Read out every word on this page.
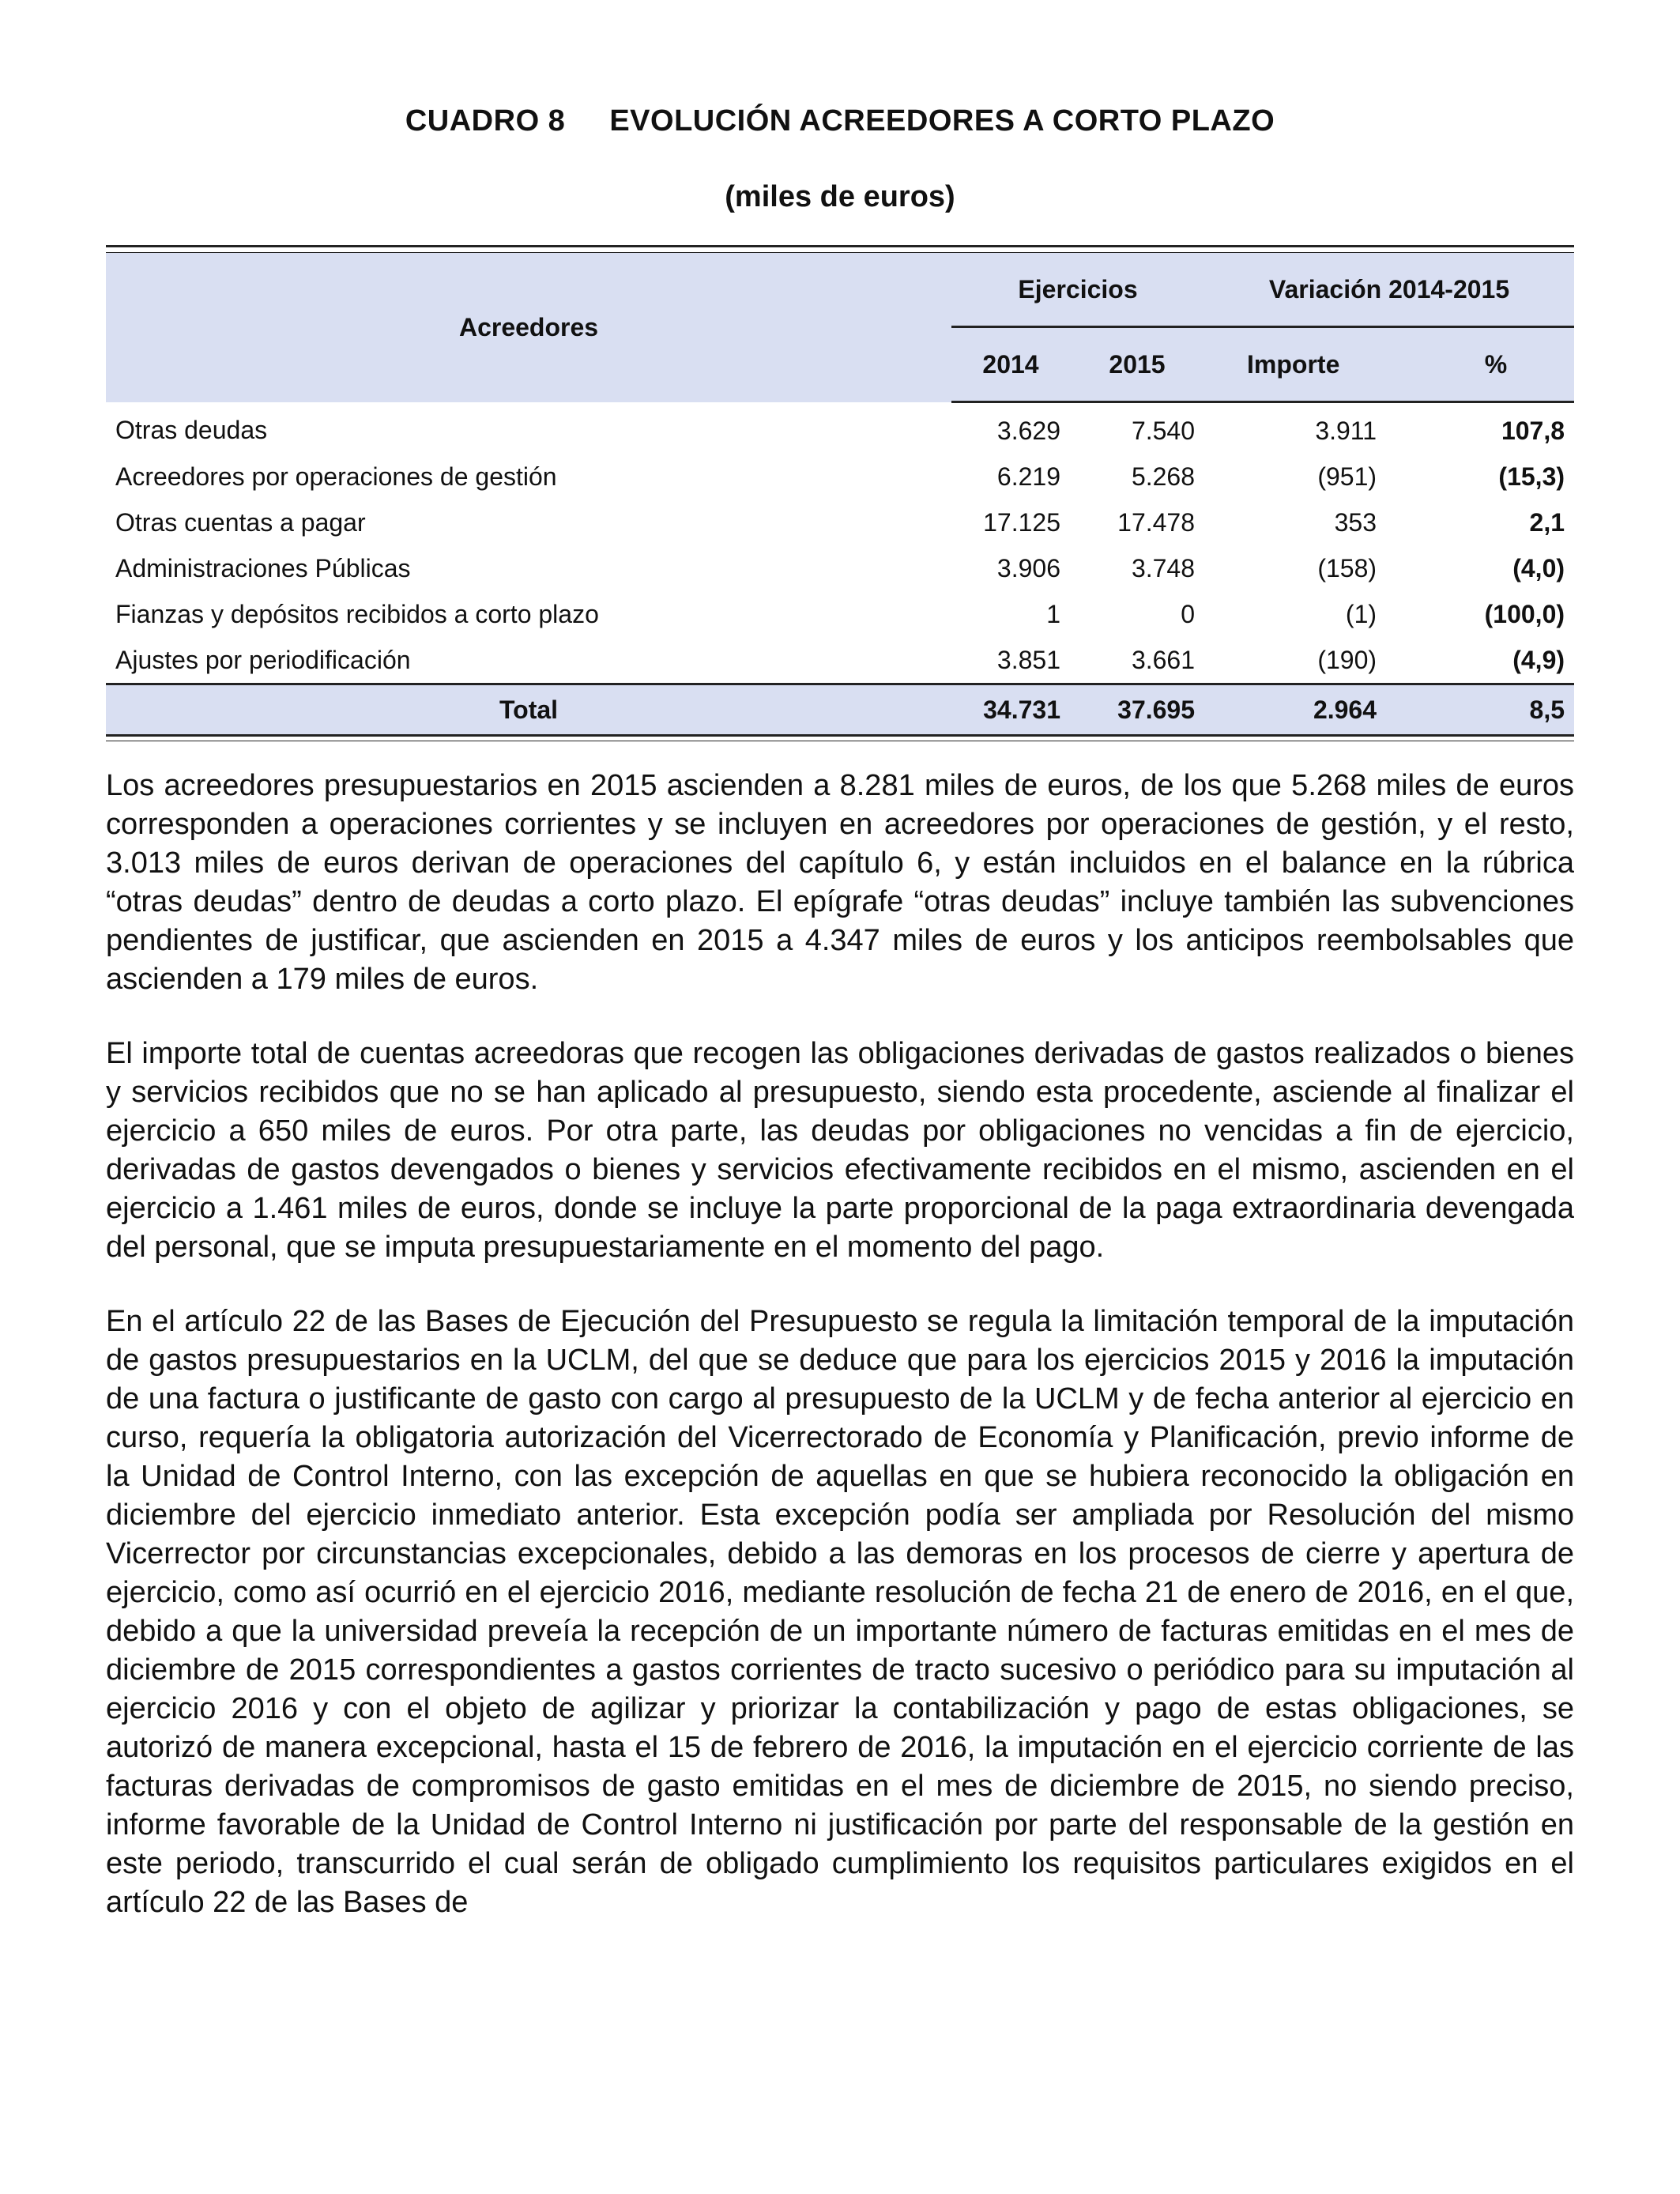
CUADRO 8 EVOLUCIÓN ACREEDORES A CORTO PLAZO
(miles de euros)
Acreedores	Ejercicios		Variación 2014-2015	
	2014	2015	Importe	%
Otras deudas	3.629	7.540	3.911	107,8
Acreedores por operaciones de gestión	6.219	5.268	(951)	(15,3)
Otras cuentas a pagar	17.125	17.478	353	2,1
Administraciones Públicas	3.906	3.748	(158)	(4,0)
Fianzas y depósitos recibidos a corto plazo	1	0	(1)	(100,0)
Ajustes por periodificación	3.851	3.661	(190)	(4,9)
Total	34.731	37.695	2.964	8,5

Los acreedores presupuestarios en 2015 ascienden a 8.281 miles de euros, de los que 5.268 miles de euros corresponden a operaciones corrientes y se incluyen en acreedores por operaciones de gestión, y el resto, 3.013 miles de euros derivan de operaciones del capítulo 6, y están incluidos en el balance en la rúbrica “otras deudas” dentro de deudas a corto plazo. El epígrafe “otras deudas” incluye también las subvenciones pendientes de justificar, que ascienden en 2015 a 4.347 miles de euros y los anticipos reembolsables que ascienden a 179 miles de euros.

El importe total de cuentas acreedoras que recogen las obligaciones derivadas de gastos realizados o bienes y servicios recibidos que no se han aplicado al presupuesto, siendo esta procedente, asciende al finalizar el ejercicio a 650 miles de euros. Por otra parte, las deudas por obligaciones no vencidas a fin de ejercicio, derivadas de gastos devengados o bienes y servicios efectivamente recibidos en el mismo, ascienden en el ejercicio a 1.461 miles de euros, donde se incluye la parte proporcional de la paga extraordinaria devengada del personal, que se imputa presupuestariamente en el momento del pago.

En el artículo 22 de las Bases de Ejecución del Presupuesto se regula la limitación temporal de la imputación de gastos presupuestarios en la UCLM, del que se deduce que para los ejercicios 2015 y 2016 la imputación de una factura o justificante de gasto con cargo al presupuesto de la UCLM y de fecha anterior al ejercicio en curso, requería la obligatoria autorización del Vicerrectorado de Economía y Planificación, previo informe de la Unidad de Control Interno, con las excepción de aquellas en que se hubiera reconocido la obligación en diciembre del ejercicio inmediato anterior. Esta excepción podía ser ampliada por Resolución del mismo Vicerrector por circunstancias excepcionales, debido a las demoras en los procesos de cierre y apertura de ejercicio, como así ocurrió en el ejercicio 2016, mediante resolución de fecha 21 de enero de 2016, en el que, debido a que la universidad preveía la recepción de un importante número de facturas emitidas en el mes de diciembre de 2015 correspondientes a gastos corrientes de tracto sucesivo o periódico para su imputación al ejercicio 2016 y con el objeto de agilizar y priorizar la contabilización y pago de estas obligaciones, se autorizó de manera excepcional, hasta el 15 de febrero de 2016, la imputación en el ejercicio corriente de las facturas derivadas de compromisos de gasto emitidas en el mes de diciembre de 2015, no siendo preciso, informe favorable de la Unidad de Control Interno ni justificación por parte del responsable de la gestión en este periodo, transcurrido el cual serán de obligado cumplimiento los requisitos particulares exigidos en el artículo 22 de las Bases de
